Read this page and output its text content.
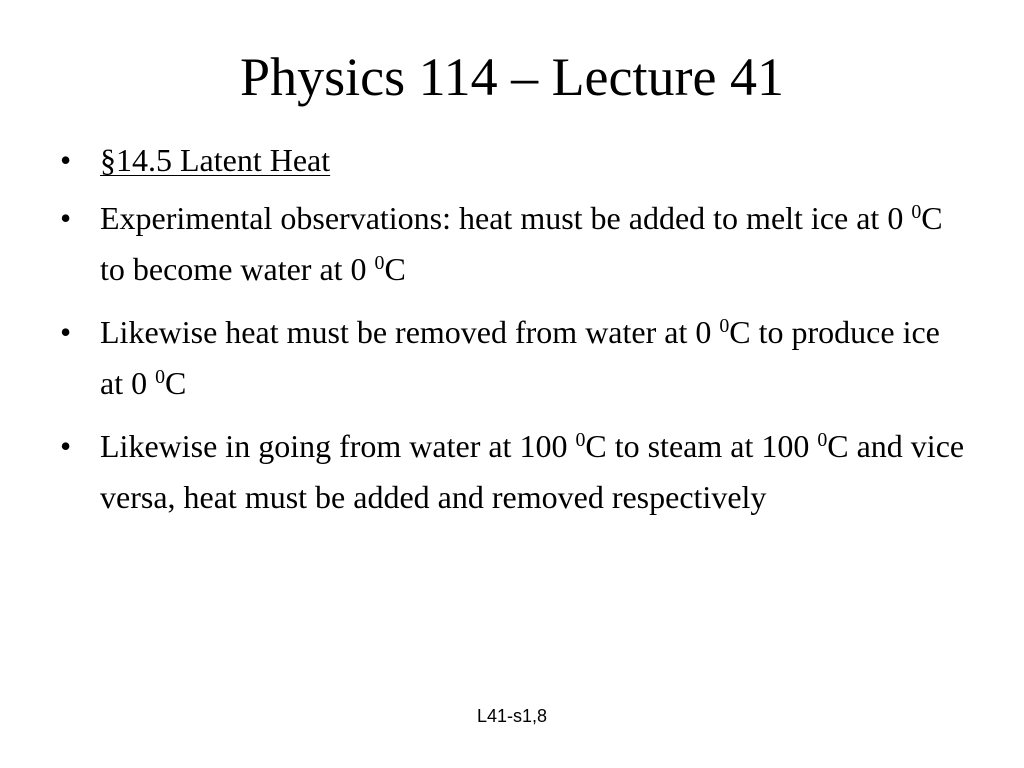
Physics 114 – Lecture 41
• §14.5 Latent Heat
• Experimental observations: heat must be added to melt ice at 0 $^0$C to become water at 0 $^0$C
• Likewise heat must be removed from water at 0 $^0$C to produce ice at 0 $^0$C
• Likewise in going from water at 100 $^0$C to steam at 100 $^0$C and vice versa, heat must be added and removed respectively
L41-s1,8
